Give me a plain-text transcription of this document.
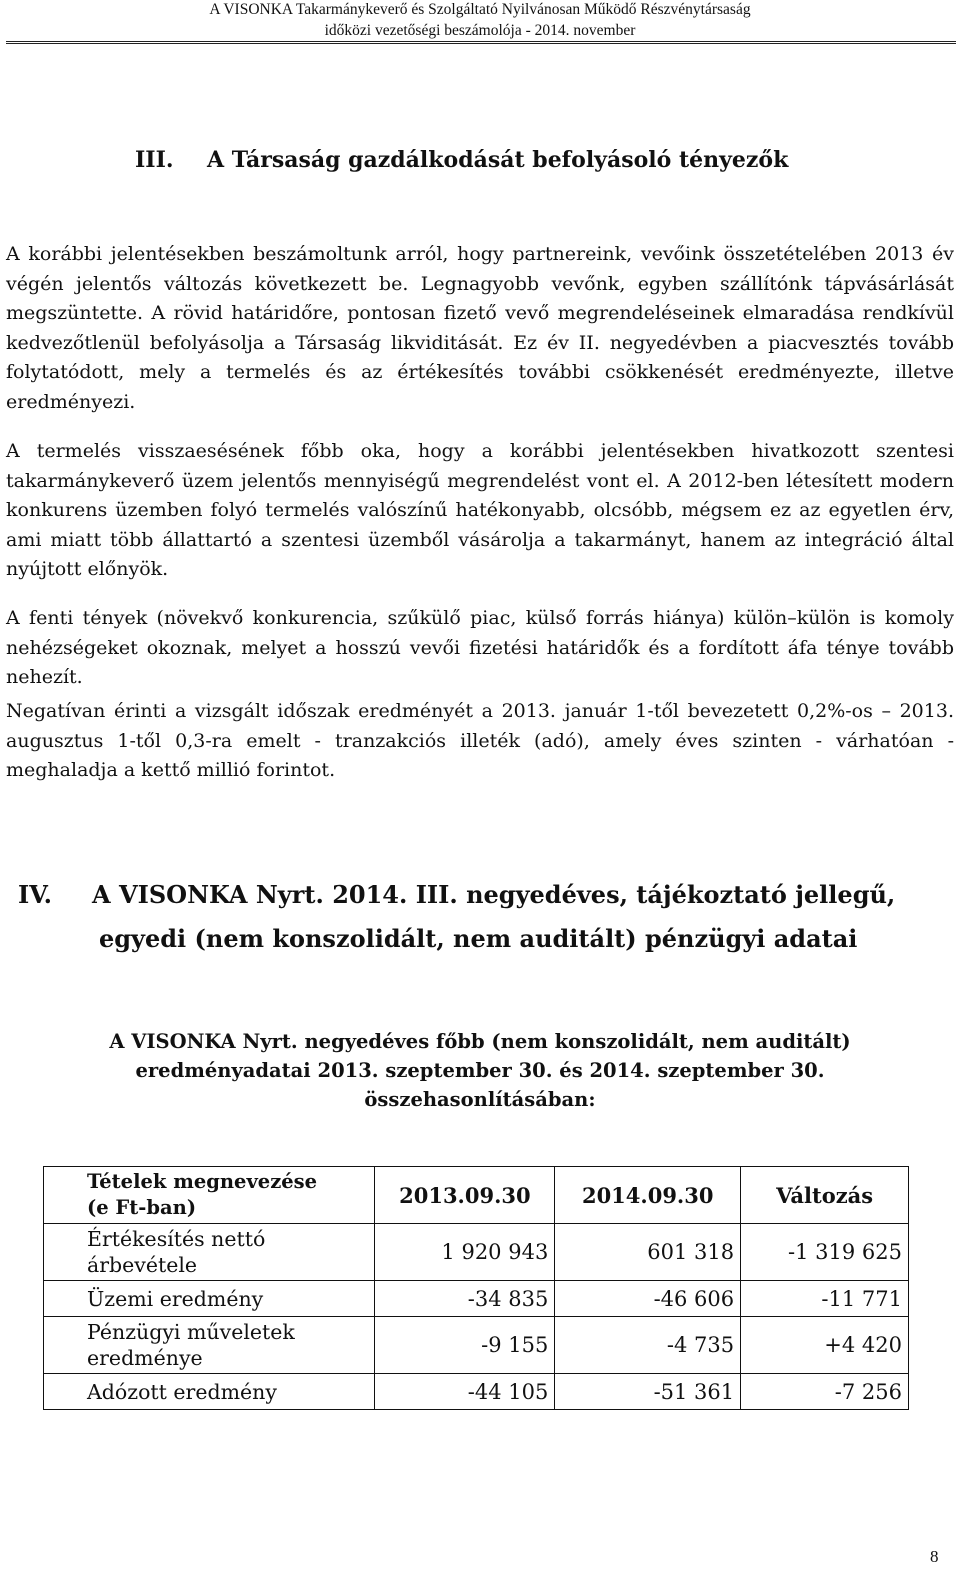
A VISONKA Takarmánykeverő és Szolgáltató Nyilvánosan Működő Részvénytársaság
időközi vezetőségi beszámolója - 2014. november
III. A Társaság gazdálkodását befolyásoló tényezők

A korábbi jelentésekben beszámoltunk arról, hogy partnereink, vevőink összetételében 2013 év végén jelentős változás következett be. Legnagyobb vevőnk, egyben szállítónk tápvásárlását megszüntette. A rövid határidőre, pontosan fizető vevő megrendeléseinek elmaradása rendkívül kedvezőtlenül befolyásolja a Társaság likviditását. Ez év II. negyedévben a piacvesztés tovább folytatódott, mely a termelés és az értékesítés további csökkenését eredményezte, illetve eredményezi.

A termelés visszaesésének főbb oka, hogy a korábbi jelentésekben hivatkozott szentesi takarmánykeverő üzem jelentős mennyiségű megrendelést vont el. A 2012-ben létesített modern konkurens üzemben folyó termelés valószínű hatékonyabb, olcsóbb, mégsem ez az egyetlen érv, ami miatt több állattartó a szentesi üzemből vásárolja a takarmányt, hanem az integráció által nyújtott előnyök.

A fenti tények (növekvő konkurencia, szűkülő piac, külső forrás hiánya) külön–külön is komoly nehézségeket okoznak, melyet a hosszú vevői fizetési határidők és a fordított áfa ténye tovább nehezít.

Negatívan érinti a vizsgált időszak eredményét a 2013. január 1-től bevezetett 0,2%-os – 2013. augusztus 1-től 0,3-ra emelt - tranzakciós illeték (adó), amely éves szinten - várhatóan - meghaladja a kettő millió forintot.

IV. A VISONKA Nyrt. 2014. III. negyedéves, tájékoztató jellegű,
egyedi (nem konszolidált, nem auditált) pénzügyi adatai
A VISONKA Nyrt. negyedéves főbb (nem konszolidált, nem auditált)
eredményadatai 2013. szeptember 30. és 2014. szeptember 30.
összehasonlításában:
Tételek megnevezése
(e Ft-ban)	2013.09.30	2014.09.30	Változás
Értékesítés nettó
árbevétele	1 920 943	601 318	-1 319 625
Üzemi eredmény	-34 835	-46 606	-11 771
Pénzügyi műveletek
eredménye	-9 155	-4 735	+4 420
Adózott eredmény	-44 105	-51 361	-7 256
8
